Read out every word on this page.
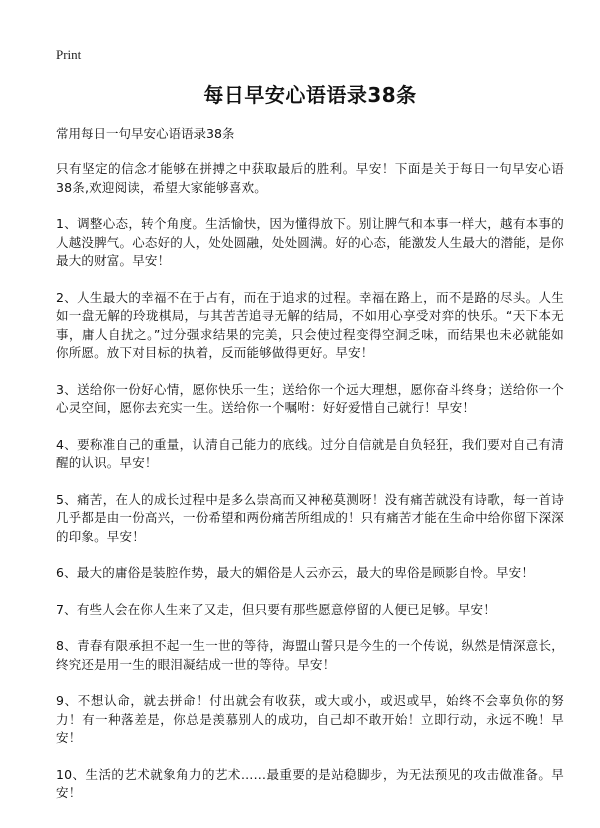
Print
每日早安心语语录38条

常用每日一句早安心语语录38条

只有坚定的信念才能够在拼搏之中获取最后的胜利。早安！下面是关于每日一句早安心语38条,欢迎阅读，希望大家能够喜欢。

1、调整心态，转个角度。生活愉快，因为懂得放下。别让脾气和本事一样大，越有本事的人越没脾气。心态好的人，处处圆融，处处圆满。好的心态，能激发人生最大的潜能，是你最大的财富。早安！

2、人生最大的幸福不在于占有，而在于追求的过程。幸福在路上，而不是路的尽头。人生如一盘无解的玲珑棋局，与其苦苦追寻无解的结局，不如用心享受对弈的快乐。“天下本无事，庸人自扰之。”过分强求结果的完美，只会使过程变得空洞乏味，而结果也未必就能如你所愿。放下对目标的执着，反而能够做得更好。早安！

3、送给你一份好心情，愿你快乐一生；送给你一个远大理想，愿你奋斗终身；送给你一个心灵空间，愿你去充实一生。送给你一个嘱咐：好好爱惜自己就行！早安！

4、要称准自己的重量，认清自己能力的底线。过分自信就是自负轻狂，我们要对自己有清醒的认识。早安！

5、痛苦，在人的成长过程中是多么崇高而又神秘莫测呀！没有痛苦就没有诗歌，每一首诗几乎都是由一份高兴，一份希望和两份痛苦所组成的！只有痛苦才能在生命中给你留下深深的印象。早安！

6、最大的庸俗是装腔作势，最大的媚俗是人云亦云，最大的卑俗是顾影自怜。早安！

7、有些人会在你人生来了又走，但只要有那些愿意停留的人便已足够。早安！

8、青春有限承担不起一生一世的等待，海盟山誓只是今生的一个传说，纵然是情深意长，终究还是用一生的眼泪凝结成一世的等待。早安！

9、不想认命，就去拼命！付出就会有收获，或大或小，或迟或早，始终不会辜负你的努力！有一种落差是，你总是羡慕别人的成功，自己却不敢开始！立即行动，永远不晚！早安！

10、生活的艺术就象角力的艺术……最重要的是站稳脚步，为无法预见的攻击做准备。早安！
